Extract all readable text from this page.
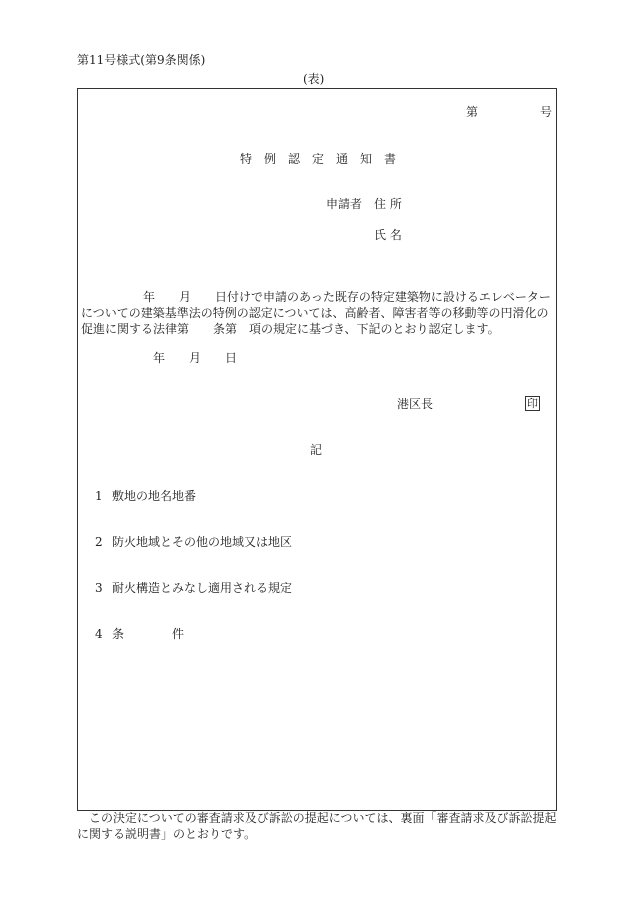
第11号様式(第9条関係)
(表)
第	号
特例認定通知書
申請者 住 所
氏 名
年　　月　　日付けで申請のあった既存の特定建築物に設けるエレベーター
についての建築基準法の特例の認定については、高齢者、障害者等の移動等の円滑化の
促進に関する法律第　　条第　項の規定に基づき、下記のとおり認定します。
年 月 日
港区長	印
記
1 敷地の地名地番
2 防火地域とその他の地域又は地区
3 耐火構造とみなし適用される規定
4 条　　　　件
この決定についての審査請求及び訴訟の提起については、裏面「審査請求及び訴訟提起
に関する説明書」のとおりです。
